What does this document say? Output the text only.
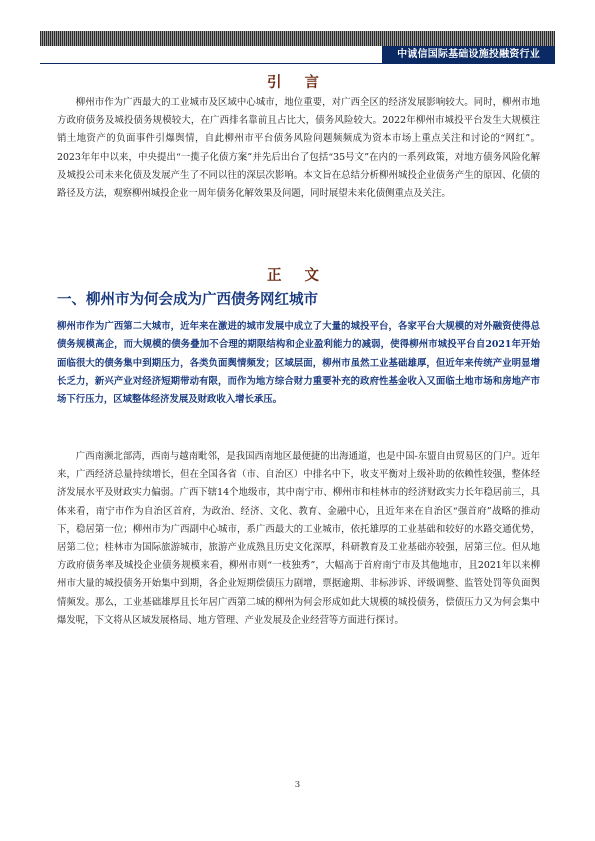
中诚信国际基础设施投融资行业
引 言

柳州市作为广西最大的工业城市及区域中心城市，地位重要，对广西全区的经济发展影响较大。同时，柳州市地方政府债务及城投债务规模较大，在广西排名靠前且占比大，债务风险较大。2022年柳州市城投平台发生大规模注销土地资产的负面事件引爆舆情，自此柳州市平台债务风险问题频频成为资本市场上重点关注和讨论的“网红”。2023年年中以来，中央提出“一揽子化债方案”并先后出台了包括“35号文”在内的一系列政策，对地方债务风险化解及城投公司未来化债及发展产生了不同以往的深层次影响。本文旨在总结分析柳州城投企业债务产生的原因、化债的路径及方法，观察柳州城投企业一周年债务化解效果及问题，同时展望未来化债侧重点及关注。

正 文
一、柳州市为何会成为广西债务网红城市

柳州市作为广西第二大城市，近年来在激进的城市发展中成立了大量的城投平台，各家平台大规模的对外融资使得总债务规模高企，而大规模的债务叠加不合理的期限结构和企业盈利能力的减弱，使得柳州市城投平台自2021年开始面临很大的债务集中到期压力，各类负面舆情频发；区域层面，柳州市虽然工业基础雄厚，但近年来传统产业明显增长乏力，新兴产业对经济短期带动有限，而作为地方综合财力重要补充的政府性基金收入又面临土地市场和房地产市场下行压力，区域整体经济发展及财政收入增长承压。

广西南濒北部湾，西南与越南毗邻，是我国西南地区最便捷的出海通道，也是中国-东盟自由贸易区的门户。近年来，广西经济总量持续增长，但在全国各省（市、自治区）中排名中下，收支平衡对上级补助的依赖性较强，整体经济发展水平及财政实力偏弱。广西下辖14个地级市，其中南宁市、柳州市和桂林市的经济财政实力长年稳居前三，具体来看，南宁市作为自治区首府，为政治、经济、文化、教育、金融中心，且近年来在自治区“强首府”战略的推动下，稳居第一位；柳州市为广西副中心城市，系广西最大的工业城市，依托雄厚的工业基础和较好的水路交通优势，居第二位；桂林市为国际旅游城市，旅游产业成熟且历史文化深厚，科研教育及工业基础亦较强，居第三位。但从地方政府债务率及城投企业债务规模来看，柳州市则“一枝独秀”，大幅高于首府南宁市及其他地市，且2021年以来柳州市大量的城投债务开始集中到期，各企业短期偿债压力剧增，票据逾期、非标涉诉、评级调整、监管处罚等负面舆情频发。那么，工业基础雄厚且长年居广西第二城的柳州为何会形成如此大规模的城投债务，偿债压力又为何会集中爆发呢，下文将从区域发展格局、地方管理、产业发展及企业经营等方面进行探讨。

3
